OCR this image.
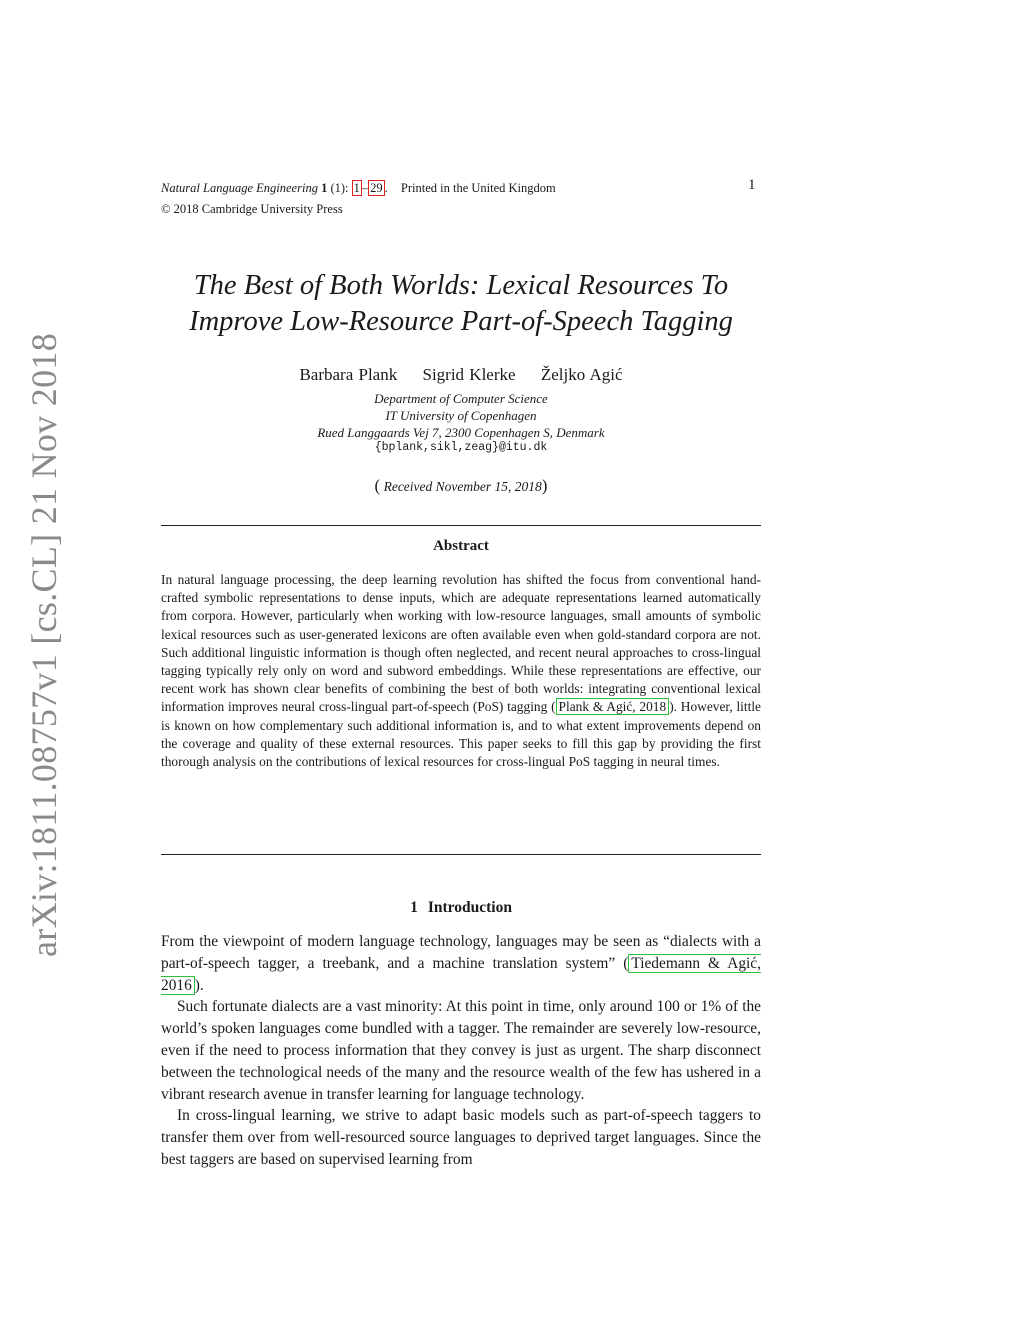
arXiv:1811.08757v1 [cs.CL] 21 Nov 2018
Natural Language Engineering 1 (1): 1 – 29 . Printed in the United Kingdom	1
© 2018 Cambridge University Press
The Best of Both Worlds: Lexical Resources To
Improve Low-Resource Part-of-Speech Tagging
Barbara Plank Sigrid Klerke Željko Agić
Department of Computer Science
IT University of Copenhagen
Rued Langgaards Vej 7, 2300 Copenhagen S, Denmark
{bplank,sikl,zeag}@itu.dk
( Received November 15, 2018)
Abstract
In natural language processing, the deep learning revolution has shifted the focus from conventional hand-crafted symbolic representations to dense inputs, which are adequate representations learned automatically from corpora. However, particularly when working with low-resource languages, small amounts of symbolic lexical resources such as user-generated lexicons are often available even when gold-standard corpora are not. Such additional linguistic information is though often neglected, and recent neural approaches to cross-lingual tagging typically rely only on word and subword embeddings. While these representations are effective, our recent work has shown clear benefits of combining the best of both worlds: integrating conventional lexical information improves neural cross-lingual part-of-speech (PoS) tagging ( Plank & Agić, 2018 ). However, little is known on how complementary such additional information is, and to what extent improvements depend on the coverage and quality of these external resources. This paper seeks to fill this gap by providing the first thorough analysis on the contributions of lexical resources for cross-lingual PoS tagging in neural times.
1 Introduction

From the viewpoint of modern language technology, languages may be seen as “dialects with a part-of-speech tagger, a treebank, and a machine translation system” ( Tiedemann & Agić, 2016 ).

Such fortunate dialects are a vast minority: At this point in time, only around 100 or 1% of the world’s spoken languages come bundled with a tagger. The remainder are severely low-resource, even if the need to process information that they convey is just as urgent. The sharp disconnect between the technological needs of the many and the resource wealth of the few has ushered in a vibrant research avenue in transfer learning for language technology.

In cross-lingual learning, we strive to adapt basic models such as part-of-speech taggers to transfer them over from well-resourced source languages to deprived target languages. Since the best taggers are based on supervised learning from
